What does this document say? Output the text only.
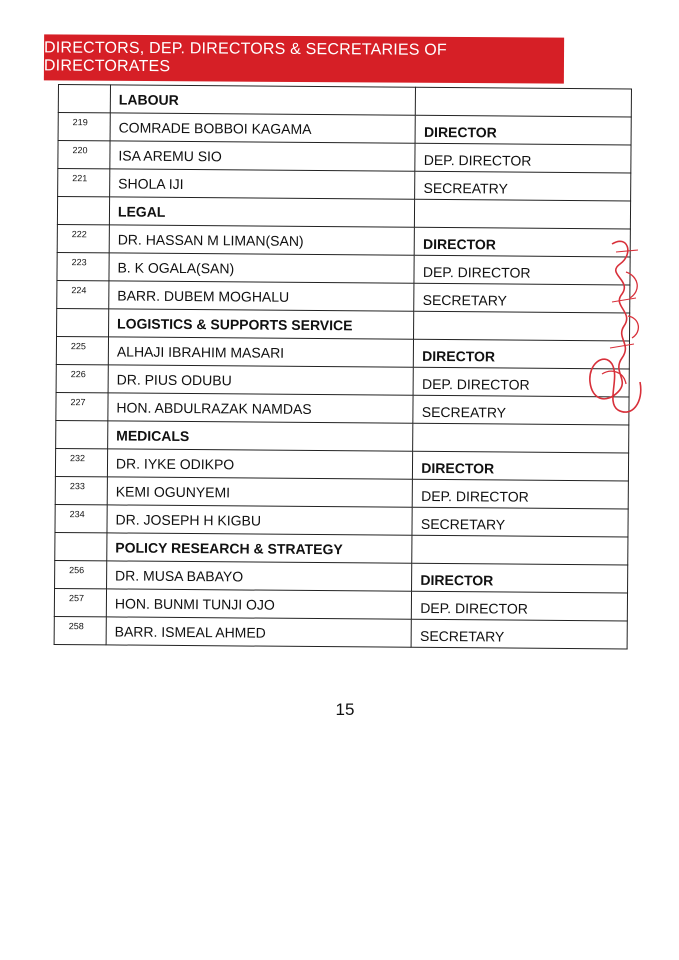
DIRECTORS, DEP. DIRECTORS & SECRETARIES OF DIRECTORATES
	LABOUR	
219	COMRADE BOBBOI KAGAMA	DIRECTOR
220	ISA AREMU SIO	DEP. DIRECTOR
221	SHOLA IJI	SECREATRY
	LEGAL	
222	DR. HASSAN M LIMAN(SAN)	DIRECTOR
223	B. K OGALA(SAN)	DEP. DIRECTOR
224	BARR. DUBEM MOGHALU	SECRETARY
	LOGISTICS & SUPPORTS SERVICE	
225	ALHAJI IBRAHIM MASARI	DIRECTOR
226	DR. PIUS ODUBU	DEP. DIRECTOR
227	HON. ABDULRAZAK NAMDAS	SECREATRY
	MEDICALS	
232	DR. IYKE ODIKPO	DIRECTOR
233	KEMI OGUNYEMI	DEP. DIRECTOR
234	DR. JOSEPH H KIGBU	SECRETARY
	POLICY RESEARCH & STRATEGY	
256	DR. MUSA BABAYO	DIRECTOR
257	HON. BUNMI TUNJI OJO	DEP. DIRECTOR
258	BARR. ISMEAL AHMED	SECRETARY
15
